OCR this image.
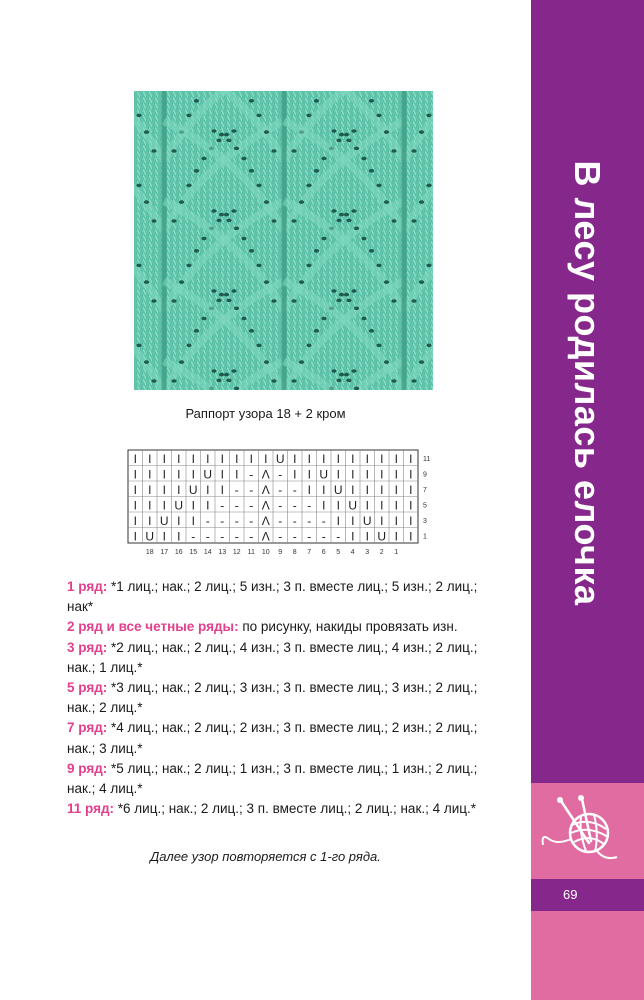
Раппорт узора 18 + 2 кром
I I I I I I I I I I U I I I I I I I I I
I I I I I U I I - Λ - I I U I I I I I I
I I I I U I I - - Λ - - I I U I I I I I
I I I U I I - - - Λ - - - I I U I I I I
I I U I I - - - - Λ - - - - I I U I I I
I U I I - - - - - Λ - - - - - I I U I I
11
9
7
5
3
1
18 17 16 15 14 13 12 11 10 9 8 7 6 5 4 3 2 1

1 ряд: *1 лиц.; нак.; 2 лиц.; 5 изн.; 3 п. вместе лиц.; 5 изн.; 2 лиц.; нак*

2 ряд и все четные ряды: по рисунку, накиды провязать изн.

3 ряд: *2 лиц.; нак.; 2 лиц.; 4 изн.; 3 п. вместе лиц.; 4 изн.; 2 лиц.; нак.; 1 лиц.*

5 ряд: *3 лиц.; нак.; 2 лиц.; 3 изн.; 3 п. вместе лиц.; 3 изн.; 2 лиц.; нак.; 2 лиц.*

7 ряд: *4 лиц.; нак.; 2 лиц.; 2 изн.; 3 п. вместе лиц.; 2 изн.; 2 лиц.; нак.; 3 лиц.*

9 ряд: *5 лиц.; нак.; 2 лиц.; 1 изн.; 3 п. вместе лиц.; 1 изн.; 2 лиц.; нак.; 4 лиц.*

11 ряд: *6 лиц.; нак.; 2 лиц.; 3 п. вместе лиц.; 2 лиц.; нак.; 4 лиц.*

Далее узор повторяется с 1-го ряда.
В лесу родилась елочка
69
